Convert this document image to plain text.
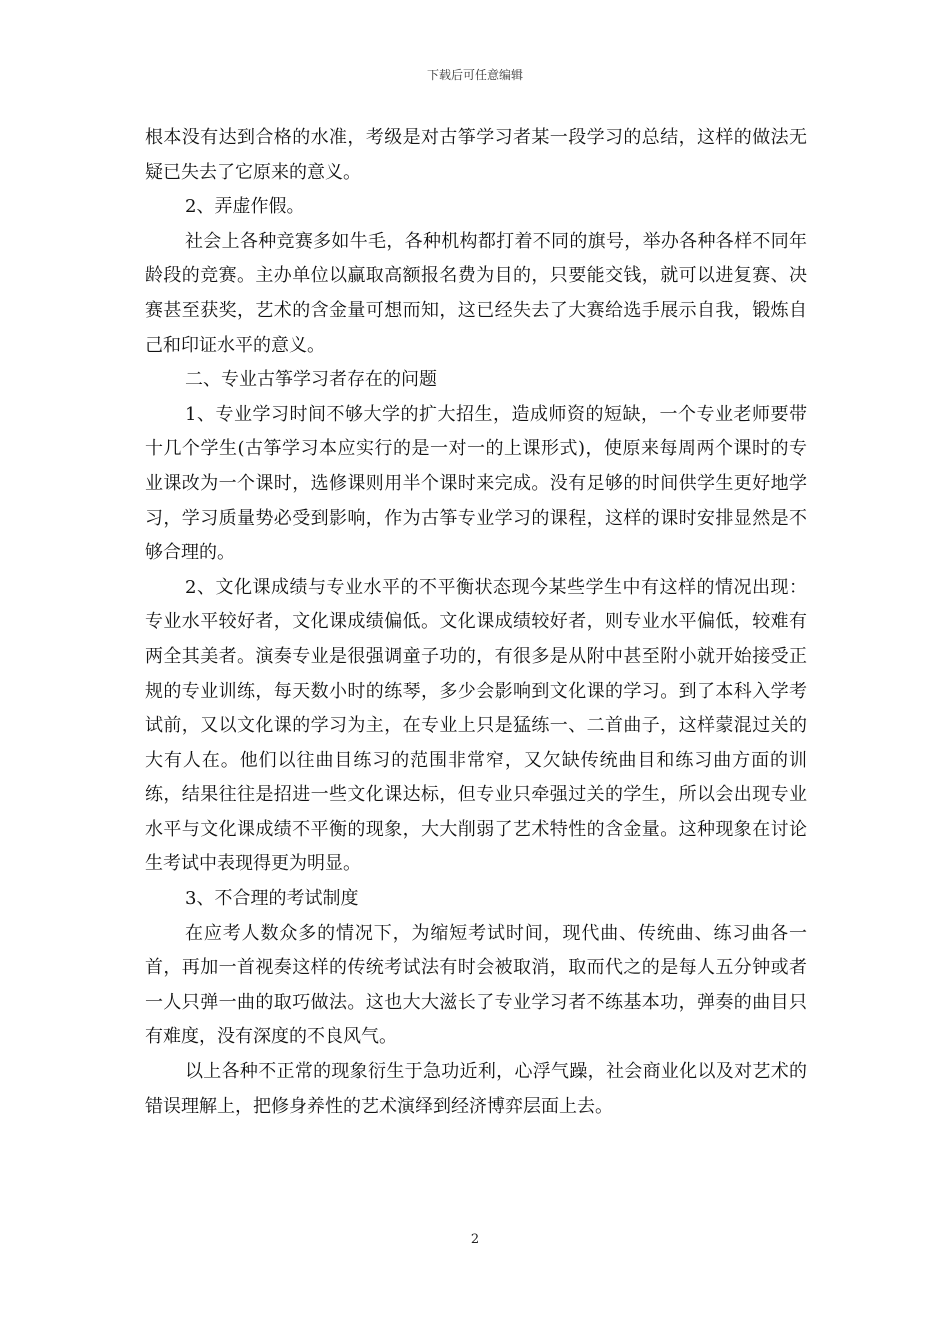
下载后可任意编辑

根本没有达到合格的水准，考级是对古筝学习者某一段学习的总结，这样的做法无疑已失去了它原来的意义。

2、弄虚作假。

社会上各种竞赛多如牛毛，各种机构都打着不同的旗号，举办各种各样不同年龄段的竞赛。主办单位以赢取高额报名费为目的，只要能交钱，就可以进复赛、决赛甚至获奖，艺术的含金量可想而知，这已经失去了大赛给选手展示自我，锻炼自己和印证水平的意义。

二、专业古筝学习者存在的问题

1、专业学习时间不够大学的扩大招生，造成师资的短缺，一个专业老师要带十几个学生(古筝学习本应实行的是一对一的上课形式)，使原来每周两个课时的专业课改为一个课时，选修课则用半个课时来完成。没有足够的时间供学生更好地学习，学习质量势必受到影响，作为古筝专业学习的课程，这样的课时安排显然是不够合理的。

2、文化课成绩与专业水平的不平衡状态现今某些学生中有这样的情况出现：专业水平较好者，文化课成绩偏低。文化课成绩较好者，则专业水平偏低，较难有两全其美者。演奏专业是很强调童子功的，有很多是从附中甚至附小就开始接受正规的专业训练，每天数小时的练琴，多少会影响到文化课的学习。到了本科入学考试前，又以文化课的学习为主，在专业上只是猛练一、二首曲子，这样蒙混过关的大有人在。他们以往曲目练习的范围非常窄，又欠缺传统曲目和练习曲方面的训练，结果往往是招进一些文化课达标，但专业只牵强过关的学生，所以会出现专业水平与文化课成绩不平衡的现象，大大削弱了艺术特性的含金量。这种现象在讨论生考试中表现得更为明显。

3、不合理的考试制度

在应考人数众多的情况下，为缩短考试时间，现代曲、传统曲、练习曲各一首，再加一首视奏这样的传统考试法有时会被取消，取而代之的是每人五分钟或者一人只弹一曲的取巧做法。这也大大滋长了专业学习者不练基本功，弹奏的曲目只有难度，没有深度的不良风气。

以上各种不正常的现象衍生于急功近利，心浮气躁，社会商业化以及对艺术的错误理解上，把修身养性的艺术演绎到经济博弈层面上去。

2
